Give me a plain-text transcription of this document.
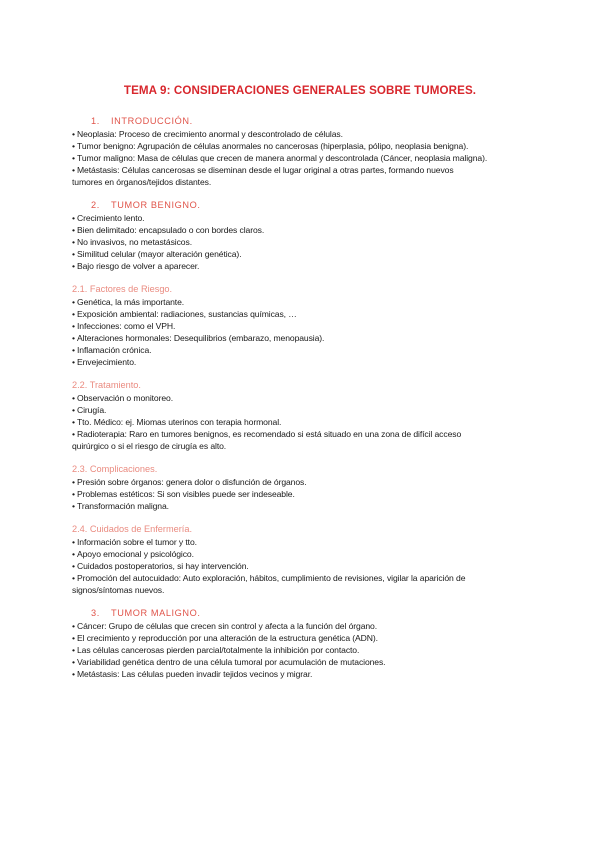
TEMA 9: CONSIDERACIONES GENERALES SOBRE TUMORES.
1. INTRODUCCIÓN.
• Neoplasia: Proceso de crecimiento anormal y descontrolado de células.
• Tumor benigno: Agrupación de células anormales no cancerosas (hiperplasia, pólipo, neoplasia benigna).
• Tumor maligno: Masa de células que crecen de manera anormal y descontrolada (Cáncer, neoplasia maligna).
• Metástasis: Células cancerosas se diseminan desde el lugar original a otras partes, formando nuevos
tumores en órganos/tejidos distantes.
2. TUMOR BENIGNO.
• Crecimiento lento.
• Bien delimitado: encapsulado o con bordes claros.
• No invasivos, no metastásicos.
• Similitud celular (mayor alteración genética).
• Bajo riesgo de volver a aparecer.
2.1. Factores de Riesgo.
• Genética, la más importante.
• Exposición ambiental: radiaciones, sustancias químicas, …
• Infecciones: como el VPH.
• Alteraciones hormonales: Desequilibrios (embarazo, menopausia).
• Inflamación crónica.
• Envejecimiento.
2.2. Tratamiento.
• Observación o monitoreo.
• Cirugía.
• Tto. Médico: ej. Miomas uterinos con terapia hormonal.
• Radioterapia: Raro en tumores benignos, es recomendado si está situado en una zona de difícil acceso
quirúrgico o si el riesgo de cirugía es alto.
2.3. Complicaciones.
• Presión sobre órganos: genera dolor o disfunción de órganos.
• Problemas estéticos: Si son visibles puede ser indeseable.
• Transformación maligna.
2.4. Cuidados de Enfermería.
• Información sobre el tumor y tto.
• Apoyo emocional y psicológico.
• Cuidados postoperatorios, si hay intervención.
• Promoción del autocuidado: Auto exploración, hábitos, cumplimiento de revisiones, vigilar la aparición de
signos/síntomas nuevos.
3. TUMOR MALIGNO.
• Cáncer: Grupo de células que crecen sin control y afecta a la función del órgano.
• El crecimiento y reproducción por una alteración de la estructura genética (ADN).
• Las células cancerosas pierden parcial/totalmente la inhibición por contacto.
• Variabilidad genética dentro de una célula tumoral por acumulación de mutaciones.
• Metástasis: Las células pueden invadir tejidos vecinos y migrar.
